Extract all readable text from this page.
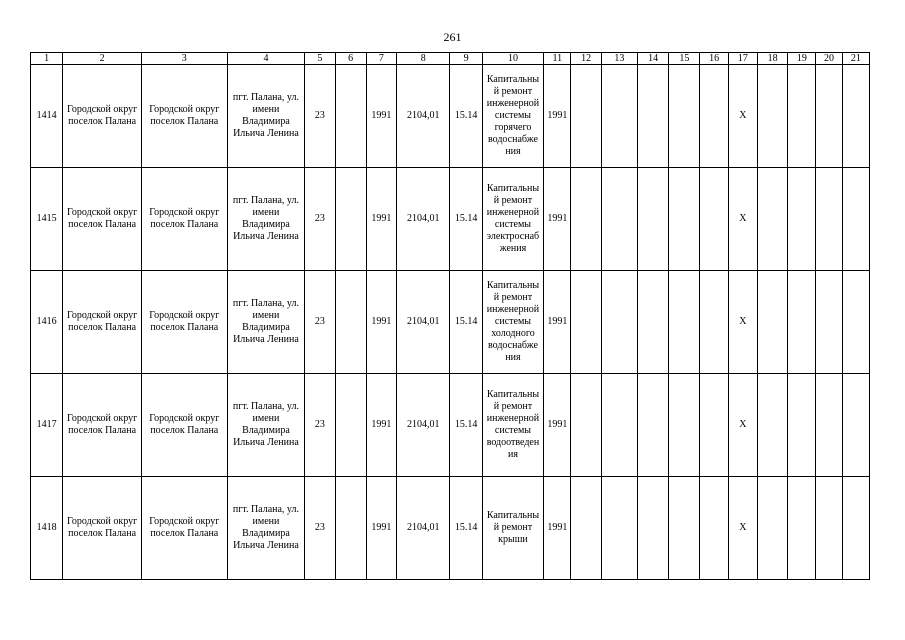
261
1	2	3	4	5	6	7	8	9	10	11	12	13	14	15	16	17	18	19	20	21
1414	Городской округ поселок Палана	Городской округ поселок Палана	пгт. Палана, ул. имени Владимира Ильича Ленина	23		1991	2104,01	15.14	Капитальны й ремонт инженерной системы горячего водоснабже ния	1991						Х				
1415	Городской округ поселок Палана	Городской округ поселок Палана	пгт. Палана, ул. имени Владимира Ильича Ленина	23		1991	2104,01	15.14	Капитальны й ремонт инженерной системы электроснаб жения	1991						Х				
1416	Городской округ поселок Палана	Городской округ поселок Палана	пгт. Палана, ул. имени Владимира Ильича Ленина	23		1991	2104,01	15.14	Капитальны й ремонт инженерной системы холодного водоснабже ния	1991						Х				
1417	Городской округ поселок Палана	Городской округ поселок Палана	пгт. Палана, ул. имени Владимира Ильича Ленина	23		1991	2104,01	15.14	Капитальны й ремонт инженерной системы водоотведен ия	1991						Х				
1418	Городской округ поселок Палана	Городской округ поселок Палана	пгт. Палана, ул. имени Владимира Ильича Ленина	23		1991	2104,01	15.14	Капитальны й ремонт крыши	1991						Х				
